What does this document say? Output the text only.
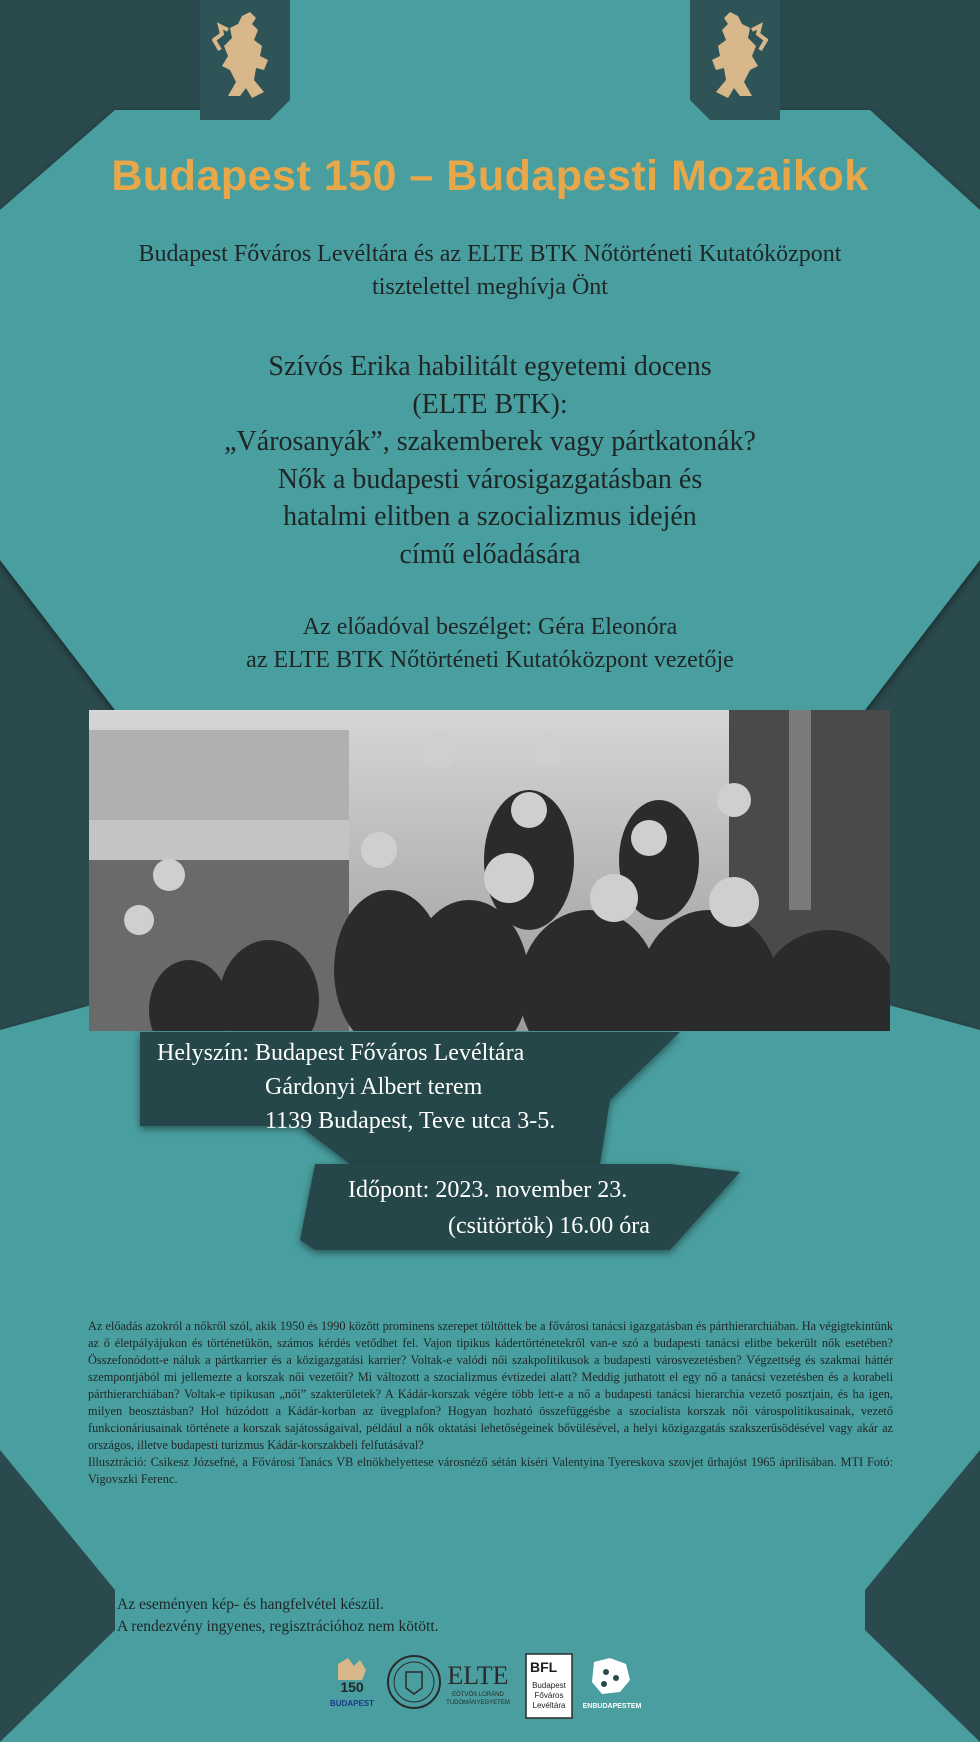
Budapest 150 – Budapesti Mozaikok
Budapest Főváros Levéltára és az ELTE BTK Nőtörténeti Kutatóközpont
tisztelettel meghívja Önt
Szívós Erika habilitált egyetemi docens
(ELTE BTK):
„Városanyák”, szakemberek vagy pártkatonák?
Nők a budapesti városigazgatásban és
hatalmi elitben a szocializmus idején
című előadására
Az előadóval beszélget: Géra Eleonóra
az ELTE BTK Nőtörténeti Kutatóközpont vezetője
Helyszín: Budapest Főváros Levéltára
Gárdonyi Albert terem
1139 Budapest, Teve utca 3-5.
Időpont: 2023. november 23.
(csütörtök) 16.00 óra
Az előadás azokról a nőkről szól, akik 1950 és 1990 között prominens szerepet töltöttek be a fővárosi tanácsi igazgatásban és párthierarchiában. Ha végigtekintünk az ő életpályájukon és történetükön, számos kérdés vetődhet fel. Vajon tipikus kádertörténetekről van-e szó a budapesti tanácsi elitbe bekerült nők esetében? Összefonódott-e náluk a pártkarrier és a közigazgatási karrier? Voltak-e valódi női szakpolitikusok a budapesti városvezetésben? Végzettség és szakmai háttér szempontjából mi jellemezte a korszak női vezetőit? Mi változott a szocializmus évtizedei alatt? Meddig juthatott el egy nő a tanácsi vezetésben és a korabeli párthierarchiában? Voltak-e tipikusan „női” szakterületek? A Kádár-korszak végére több lett-e a nő a budapesti tanácsi hierarchia vezető posztjain, és ha igen, milyen beosztásban? Hol húzódott a Kádár-korban az üvegplafon? Hogyan hozható összefüggésbe a szocialista korszak női várospolitikusainak, vezető funkcionáriusainak története a korszak sajátosságaival, például a nők oktatási lehetőségeinek bővülésével, a helyi közigazgatás szakszerűsödésével vagy akár az országos, illetve budapesti turizmus Kádár-korszakbeli felfutásával?
Illusztráció: Csikesz Józsefné, a Fővárosi Tanács VB elnökhelyettese városnéző sétán kíséri Valentyina Tyereskova szovjet űrhajóst 1965 áprilisában. MTI Fotó: Vigovszki Ferenc.
Az eseményen kép- és hangfelvétel készül.
A rendezvény ingyenes, regisztrációhoz nem kötött.
150
BUDAPEST
ELTE
EÖTVÖS LORÁND
TUDOMÁNYEGYETEM
BFL
Budapest
Főváros
Levéltára ENBUDAPESTEM
